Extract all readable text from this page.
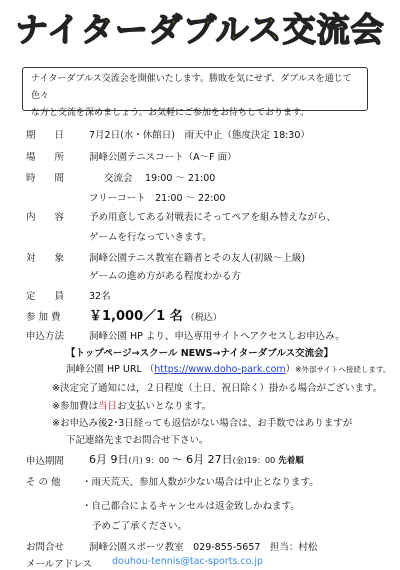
ナイターダブルス交流会
ナイターダブルス交流会を開催いたします。勝敗を気にせず、ダブルスを通じて色々
な方と交流を深めましょう。お気軽にご参加をお待ちしております。
期　　日	7月2日(水・休館日)　雨天中止（態度決定 18:30）
場　　所	洞峰公園テニスコート（A～F 面）
時　　間	交流会　 19:00 ～ 21:00
フリーコート　21:00 ～ 22:00
内　　容	予め用意してある対戦表にそってペアを組み替えながら、
ゲームを行なっていきます。
対　　象	洞峰公園テニス教室在籍者とその友人(初級～上級)
ゲームの進め方がある程度わかる方
定　　員	32名
参 加 費 ￥1,000／1 名 （税込）
申込方法	洞峰公園 HP より、申込専用サイトへアクセスしお申込み。
【トップページ→スクール NEWS→ナイターダブルス交流会】
洞峰公園 HP URL （https://www.doho-park.com）※外部サイトへ接続します。
※決定完了通知には，２日程度（土日、祝日除く）掛かる場合がございます。
※参加費は当日お支払いとなります。
※お申込み後2･3日経っても返信がない場合は、お手数ではありますが
下記連絡先までお問合せ下さい。
申込期間 6月 9日(月) 9：00 ～ 6月 27日(金)19：00 先着順
そ の 他 ・雨天荒天、参加人数が少ない場合は中止となります。
・自己都合によるキャンセルは返金致しかねます。
予めご了承ください。
お問合せ	洞峰公園スポーツ教室　029-855-5657　担当：村松
メールアドレス douhou-tennis@tac-sports.co.jp
